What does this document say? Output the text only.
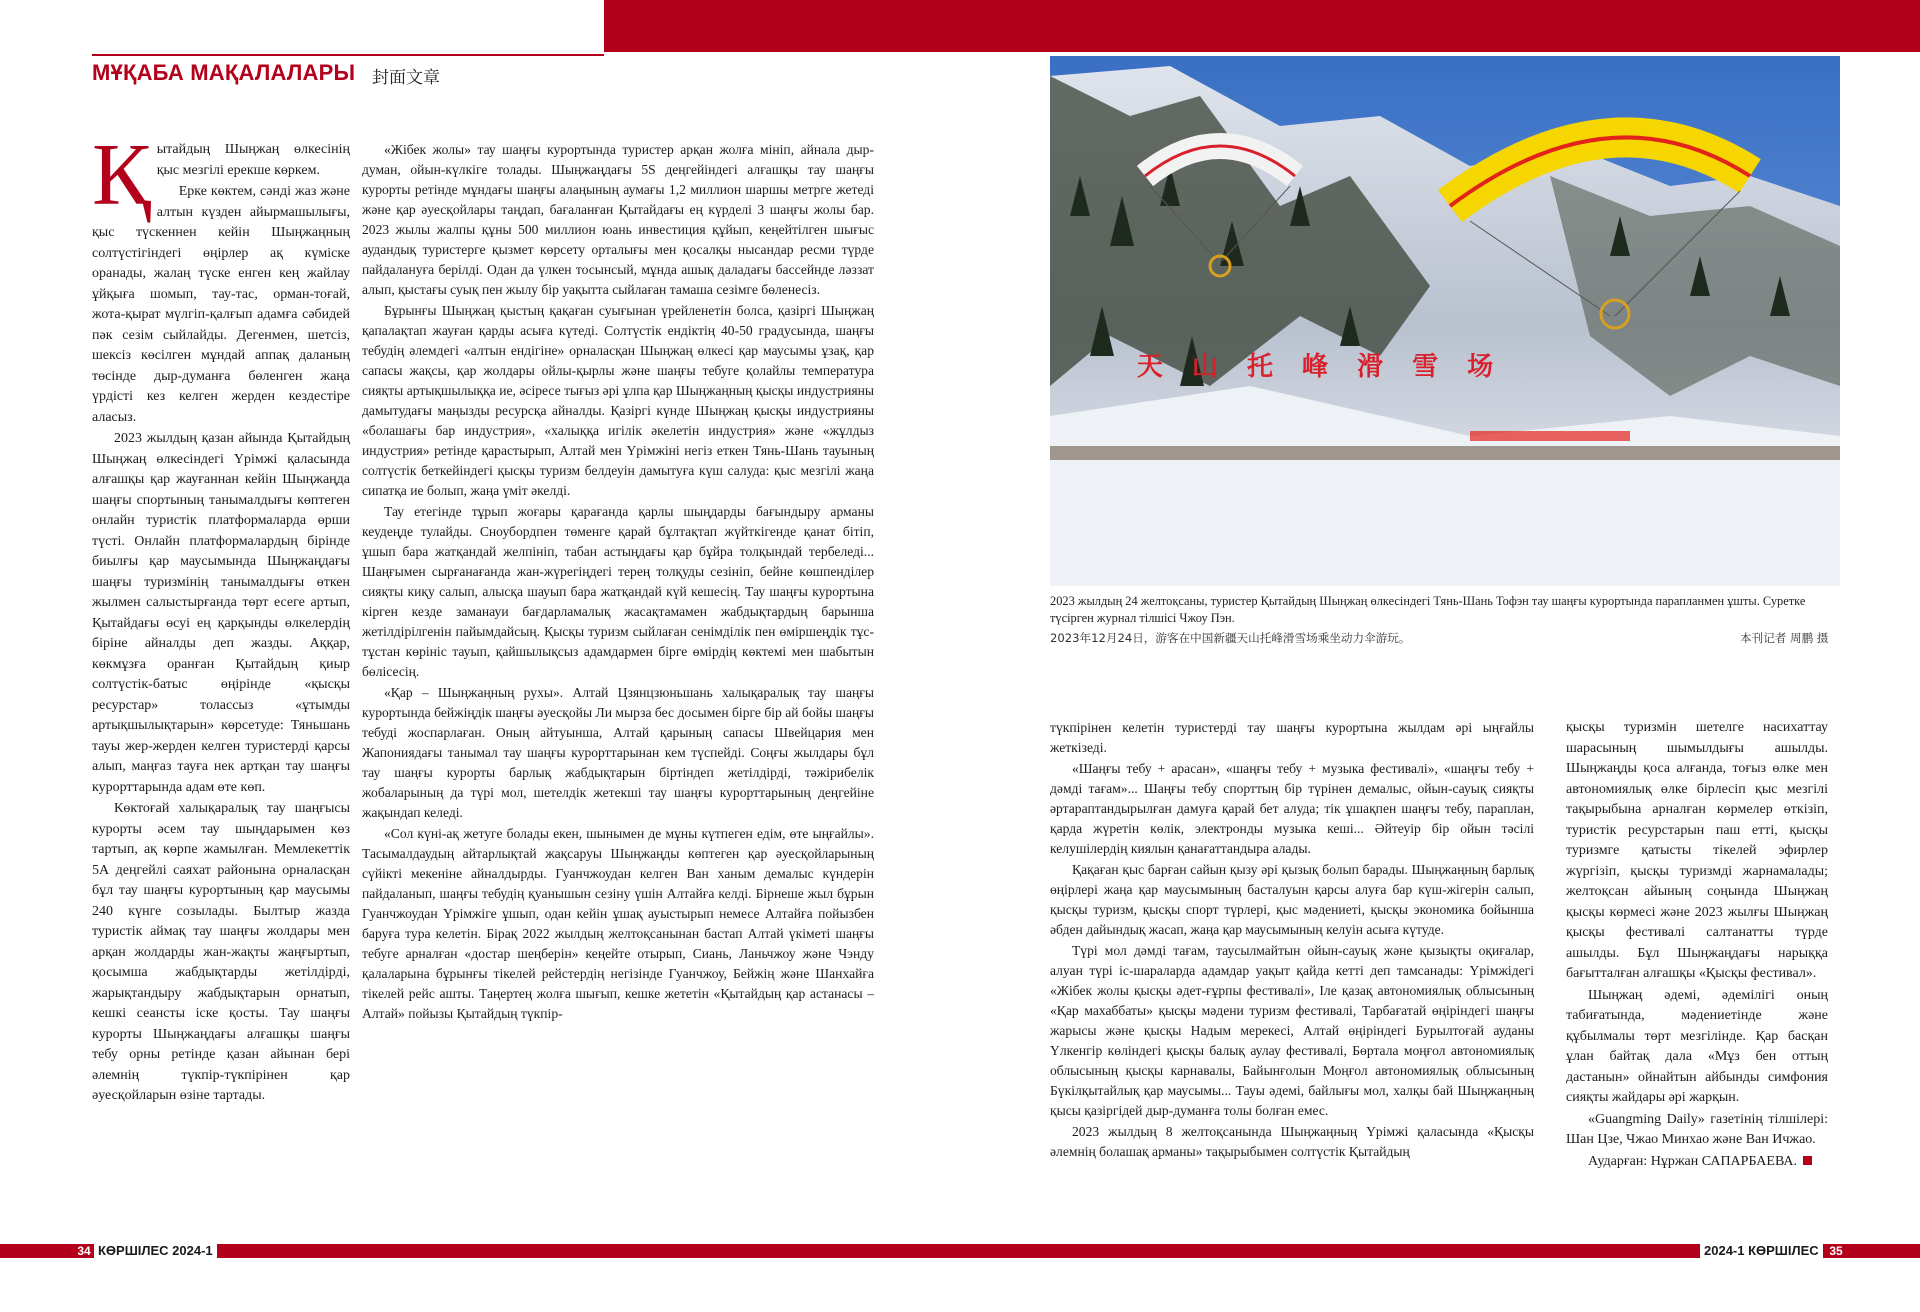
МҰҚАБА МАҚАЛАЛАРЫ 封面文章

Қытайдың Шыңжаң өлкесінің қыс мезгілі ерекше көркем.

Ерке көктем, сәнді жаз және алтын күзден айырмашылығы, қыс түскеннен кейін Шыңжаңның солтүстігіндегі өңірлер ақ күміске оранады, жалаң түске енген кең жайлау ұйқыға шомып, тау-тас, орман-тоғай, жота-қырат мүлгіп-қалғып адамға сәбидей пәк сезім сыйлайды. Дегенмен, шетсіз, шексіз көсілген мұндай аппақ даланың төсінде дыр-думанға бөленген жаңа үрдісті кез келген жерден кездестіре аласыз.

2023 жылдың қазан айында Қытайдың Шыңжаң өлкесіндегі Үрімжі қаласында алғашқы қар жауғаннан кейін Шыңжаңда шаңғы спортының танымалдығы көптеген онлайн туристік платформаларда өрши түсті. Онлайн платформалардың бірінде биылғы қар маусымында Шыңжаңдағы шаңғы туризмінің танымалдығы өткен жылмен салыстырғанда төрт есеге артып, Қытайдағы өсуі ең қарқынды өлкелердің біріне айналды деп жазды. Аққар, көкмұзға оранған Қытайдың қиыр солтүстік-батыс өңірінде «қысқы ресурстар» толассыз «ұтымды артықшылықтарын» көрсетуде: Тяньшань тауы жер-жерден келген туристерді қарсы алып, маңғаз тауға нек артқан тау шаңғы курорттарында адам өте көп.

Көктоғай халықаралық тау шаңғысы курорты әсем тау шыңдарымен көз тартып, ақ көрпе жамылған. Мемлекеттік 5А деңгейлі саяхат районына орналасқан бұл тау шаңғы курортының қар маусымы 240 күнге созылады. Былтыр жазда туристік аймақ тау шаңғы жолдары мен арқан жолдарды жан-жақты жаңғыртып, қосымша жабдықтарды жетілдірді, жарықтандыру жабдықтарын орнатып, кешкі сеансты іске қосты. Тау шаңғы курорты Шыңжаңдағы алғашқы шаңғы тебу орны ретінде қазан айынан бері әлемнің түкпір-түкпірінен қар әуесқойларын өзіне тартады.

«Жібек жолы» тау шаңғы курортында туристер арқан жолға мініп, айнала дыр-думан, ойын-күлкіге толады. Шыңжаңдағы 5S деңгейіндегі алғашқы тау шаңғы курорты ретінде мұндағы шаңғы алаңының аумағы 1,2 миллион шаршы метрге жетеді және қар әуесқойлары таңдап, бағаланған Қытайдағы ең күрделі 3 шаңғы жолы бар. 2023 жылы жалпы құны 500 миллион юань инвестиция құйып, кеңейтілген шығыс аудандық туристерге қызмет көрсету орталығы мен қосалқы нысандар ресми түрде пайдалануға берілді. Одан да үлкен тосынсый, мұнда ашық даладағы бассейнде ләззат алып, қыстағы суық пен жылу бір уақытта сыйлаған тамаша сезімге бөленесіз.

Бұрынғы Шыңжаң қыстың қақаған суығынан үрейленетін болса, қазіргі Шыңжаң қапалақтап жауған қарды асыға күтеді. Солтүстік ендіктің 40-50 градусында, шаңғы тебудің әлемдегі «алтын ендігіне» орналасқан Шыңжаң өлкесі қар маусымы ұзақ, қар сапасы жақсы, қар жолдары ойлы-қырлы және шаңғы тебуге қолайлы температура сияқты артықшылыққа ие, әсіресе тығыз әрі ұлпа қар Шыңжаңның қысқы индустрияны дамытудағы маңызды ресурсқа айналды. Қазіргі күнде Шыңжаң қысқы индустрияны «болашағы бар индустрия», «халыққа игілік әкелетін индустрия» және «жұлдыз индустрия» ретінде қарастырып, Алтай мен Үрімжіні негіз еткен Тянь-Шань тауының солтүстік беткейіндегі қысқы туризм белдеуін дамытуға күш салуда: қыс мезгілі жаңа сипатқа ие болып, жаңа үміт әкелді.

Тау етегінде тұрып жоғары қарағанда қарлы шыңдарды бағындыру арманы кеудеңде тулайды. Сноубордпен төменге қарай бұлтақтап жүйткігенде қанат бітіп, ұшып бара жатқандай желпініп, табан астыңдағы қар бұйра толқындай тербеледі... Шаңғымен сырғанағанда жан-жүрегіңдегі терең толқуды сезініп, бейне көшпенділер сияқты киқу салып, алысқа шауып бара жатқандай күй кешесің. Тау шаңғы курортына кірген кезде заманауи бағдарламалық жасақтамамен жабдықтардың барынша жетілдірілгенін пайымдайсың. Қысқы туризм сыйлаған сенімділік пен өміршеңдік тұс-тұстан көрініс тауып, қайшылықсыз адамдармен бірге өмірдің көктемі мен шабытын бөлісесің.

«Қар – Шыңжаңның рухы». Алтай Цзянцзюньшань халықаралық тау шаңғы курортында бейжіңдік шаңғы әуесқойы Ли мырза бес досымен бірге бір ай бойы шаңғы тебуді жоспарлаған. Оның айтуынша, Алтай қарының сапасы Швейцария мен Жапониядағы танымал тау шаңғы курорттарынан кем түспейді. Соңғы жылдары бұл тау шаңғы курорты барлық жабдықтарын біртіндеп жетілдірді, тәжірибелік жобаларының да түрі мол, шетелдік жетекші тау шаңғы курорттарының деңгейіне жақындап келеді.

«Сол күні-ақ жетуге болады екен, шынымен де мұны күтпеген едім, өте ыңғайлы». Тасымалдаудың айтарлықтай жақсаруы Шыңжаңды көптеген қар әуесқойларының сүйікті мекеніне айналдырды. Гуанчжоудан келген Ван ханым демалыс күндерін пайдаланып, шаңғы тебудің қуанышын сезіну үшін Алтайға келді. Бірнеше жыл бұрын Гуанчжоудан Үрімжіге ұшып, одан кейін ұшақ ауыстырып немесе Алтайға пойызбен баруға тура келетін. Бірақ 2022 жылдың желтоқсанынан бастап Алтай үкіметі шаңғы тебуге арналған «достар шеңберін» кеңейте отырып, Сиань, Ланьчжоу және Чэнду қалаларына бұрынғы тікелей рейстердің негізінде Гуанчжоу, Бейжің және Шанхайға тікелей рейс ашты. Таңертең жолға шығып, кешке жететін «Қытайдың қар астанасы – Алтай» пойызы Қытайдың түкпір-

天 山 托 峰 滑 雪 场
2023 жылдың 24 желтоқсаны, туристер Қытайдың Шыңжаң өлкесіндегі Тянь-Шань Тофэн тау шаңғы курортында парапланмен ұшты. Суретке түсірген журнал тілшісі Чжоу Пэн.
2023年12月24日，游客在中国新疆天山托峰滑雪场乘坐动力伞游玩。	本刊记者 周鹏 摄

түкпірінен келетін туристерді тау шаңғы курортына жылдам әрі ыңғайлы жеткізеді.

«Шаңғы тебу + арасан», «шаңғы тебу + музыка фестивалі», «шаңғы тебу + дәмді тағам»... Шаңғы тебу спорттың бір түрінен демалыс, ойын-сауық сияқты әртараптандырылған дамуға қарай бет алуда; тік ұшақпен шаңғы тебу, параплан, қарда жүретін көлік, электронды музыка кеші... Әйтеуір бір ойын тәсілі келушілердің киялын қанағаттандыра алады.

Қақаған қыс барған сайын қызу әрі қызық болып барады. Шыңжаңның барлық өңірлері жаңа қар маусымының басталуын қарсы алуға бар күш-жігерін салып, қысқы туризм, қысқы спорт түрлері, қыс мәдениеті, қысқы экономика бойынша әбден дайындық жасап, жаңа қар маусымының келуін асыға күтуде.

Түрі мол дәмді тағам, таусылмайтын ойын-сауық және қызықты оқиғалар, алуан түрі іс-шараларда адамдар уақыт қайда кетті деп тамсанады: Үрімжідегі «Жібек жолы қысқы әдет-ғұрпы фестивалі», Іле қазақ автономиялық облысының «Қар махаббаты» қысқы мәдени туризм фестивалі, Тарбағатай өңіріндегі шаңғы жарысы және қысқы Надым мерекесі, Алтай өңіріндегі Бурылтоғай ауданы Үлкенгір көліндегі қысқы балық аулау фестивалі, Бөртала моңғол автономиялық облысының қысқы карнавалы, Байынғолын Моңғол автономиялық облысының Бүкілқытайлық қар маусымы... Тауы әдемі, байлығы мол, халқы бай Шыңжаңның қысы қазіргідей дыр-думанға толы болған емес.

2023 жылдың 8 желтоқсанында Шыңжаңның Үрімжі қаласында «Қысқы әлемнің болашақ арманы» тақырыбымен солтүстік Қытайдың

қысқы туризмін шетелге насихаттау шарасының шымылдығы ашылды. Шыңжаңды қоса алғанда, тоғыз өлке мен автономиялық өлке бірлесіп қыс мезгілі тақырыбына арналған көрмелер өткізіп, туристік ресурстарын паш етті, қысқы туризмге қатысты тікелей эфирлер жүргізіп, қысқы туризмді жарнамалады; желтоқсан айының соңында Шыңжаң қысқы көрмесі және 2023 жылғы Шыңжаң қысқы фестивалі салтанатты түрде ашылды. Бұл Шыңжаңдағы нарыққа бағытталған алғашқы «Қысқы фестивал».

Шыңжаң әдемі, әдемілігі оның табиғатында, мәдениетінде және құбылмалы төрт мезгілінде. Қар басқан ұлан байтақ дала «Мұз бен оттың дастанын» ойнайтын айбынды симфония сияқты жайдары әрі жарқын.

«Guangming Daily» газетінің тілшілері: Шан Цзе, Чжао Минхао және Ван Ичжао.

Аударған: Нұржан САПАРБАЕВА.

34 КӨРШІЛЕС 2024-1	2024-1 КӨРШІЛЕС 35
